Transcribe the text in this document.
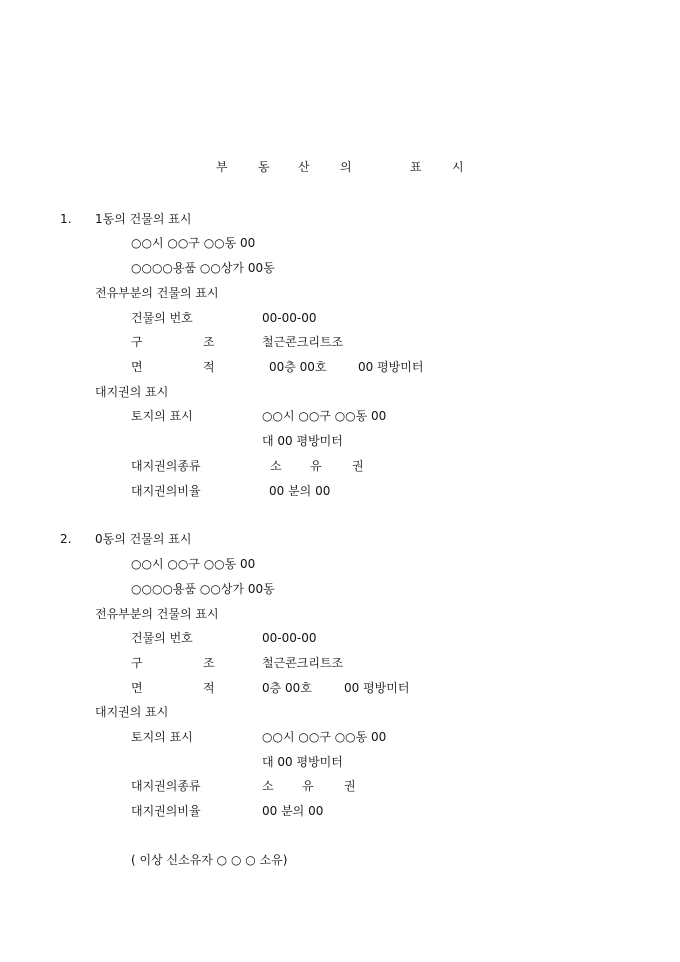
부	동 산	의	표	시
1. 1동의 건물의 표시
○○시 ○○구 ○○동 00
○○○○용품 ○○상가 00동
전유부분의 건물의 표시
건물의 번호	00-00-00
구	조	철근콘크리트조
면	적	00층 00호	00 평방미터
대지권의 표시
토지의 표시	○○시 ○○구 ○○동 00
대 00 평방미터
대지권의종류	소 유	권
대지권의비율	00 분의 00
2. 0동의 건물의 표시
○○시 ○○구 ○○동 00
○○○○용품 ○○상가 00동
전유부분의 건물의 표시
건물의 번호	00-00-00
구	조	철근콘크리트조
면	적	0층 00호	00 평방미터
대지권의 표시
토지의 표시	○○시 ○○구 ○○동 00
대 00 평방미터
대지권의종류	소 유	권
대지권의비율	00 분의 00
( 이상 신소유자 ○ ○ ○ 소유)
